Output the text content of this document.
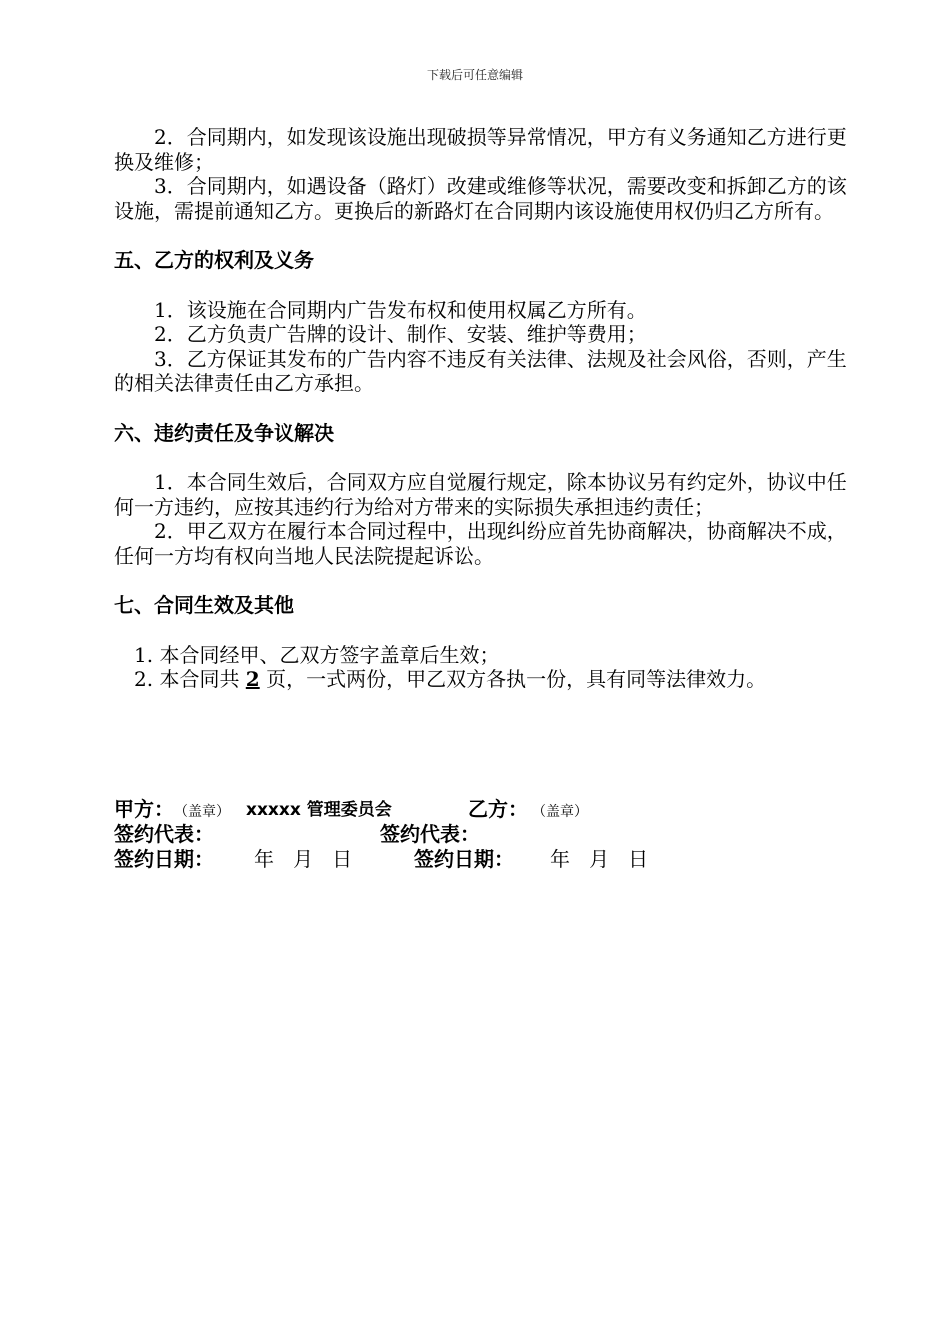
下载后可任意编辑

2．合同期内，如发现该设施出现破损等异常情况，甲方有义务通知乙方进行更换及维修；

3．合同期内，如遇设备（路灯）改建或维修等状况，需要改变和拆卸乙方的该设施，需提前通知乙方。更换后的新路灯在合同期内该设施使用权仍归乙方所有。

五、乙方的权利及义务

1．该设施在合同期内广告发布权和使用权属乙方所有。

2．乙方负责广告牌的设计、制作、安装、维护等费用；

3．乙方保证其发布的广告内容不违反有关法律、法规及社会风俗，否则，产生的相关法律责任由乙方承担。

六、违约责任及争议解决

1．本合同生效后，合同双方应自觉履行规定，除本协议另有约定外，协议中任何一方违约，应按其违约行为给对方带来的实际损失承担违约责任；

2．甲乙双方在履行本合同过程中，出现纠纷应首先协商解决，协商解决不成，任何一方均有权向当地人民法院提起诉讼。

七、合同生效及其他

1. 本合同经甲、乙双方签字盖章后生效；

2. 本合同共 2 页，一式两份，甲乙双方各执一份，具有同等法律效力。

甲方： （盖章） xxxxx 管理委员会	乙方： （盖章）
签约代表：	签约代表：
签约日期： 年   月   日	签约日期： 年   月   日
